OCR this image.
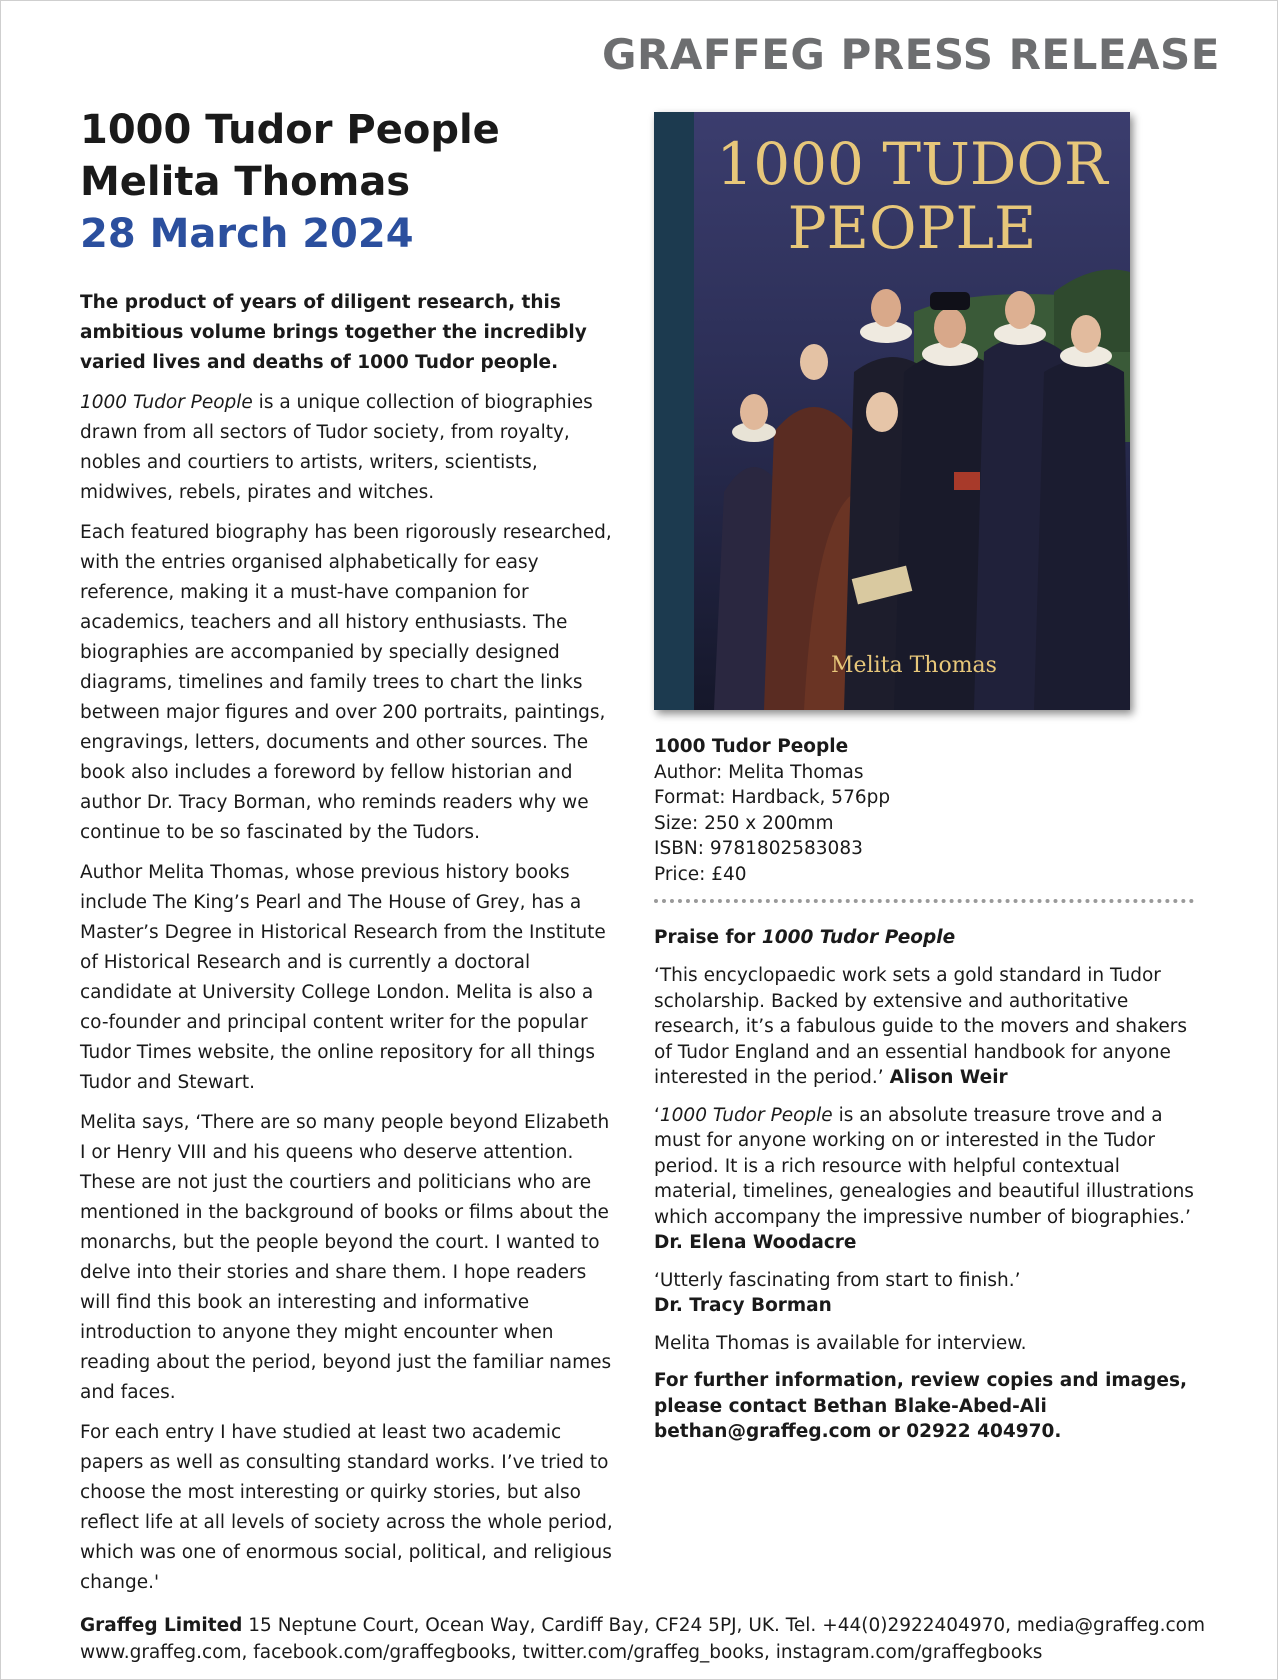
GRAFFEG PRESS RELEASE
1000 Tudor People
Melita Thomas
28 March 2024
The product of years of diligent research, this ambitious volume brings together the incredibly varied lives and deaths of 1000 Tudor people.
1000 Tudor People is a unique collection of biographies drawn from all sectors of Tudor society, from royalty, nobles and courtiers to artists, writers, scientists, midwives, rebels, pirates and witches.
Each featured biography has been rigorously researched, with the entries organised alphabetically for easy reference, making it a must-have companion for academics, teachers and all history enthusiasts. The biographies are accompanied by specially designed diagrams, timelines and family trees to chart the links between major figures and over 200 portraits, paintings, engravings, letters, documents and other sources. The book also includes a foreword by fellow historian and author Dr. Tracy Borman, who reminds readers why we continue to be so fascinated by the Tudors.
Author Melita Thomas, whose previous history books include The King’s Pearl and The House of Grey, has a Master’s Degree in Historical Research from the Institute of Historical Research and is currently a doctoral candidate at University College London. Melita is also a co-founder and principal content writer for the popular Tudor Times website, the online repository for all things Tudor and Stewart.
Melita says, ‘There are so many people beyond Elizabeth I or Henry VIII and his queens who deserve attention. These are not just the courtiers and politicians who are mentioned in the background of books or films about the monarchs, but the people beyond the court. I wanted to delve into their stories and share them. I hope readers will find this book an interesting and informative introduction to anyone they might encounter when reading about the period, beyond just the familiar names and faces.
For each entry I have studied at least two academic papers as well as consulting standard works. I’ve tried to choose the most interesting or quirky stories, but also reflect life at all levels of society across the whole period, which was one of enormous social, political, and religious change.'
1000 TUDOR
PEOPLE
Melita Thomas
1000 Tudor People
Author: Melita Thomas
Format: Hardback, 576pp
Size: 250 x 200mm
ISBN: 9781802583083
Price: £40
Praise for 1000 Tudor People
‘This encyclopaedic work sets a gold standard in Tudor scholarship. Backed by extensive and authoritative research, it’s a fabulous guide to the movers and shakers of Tudor England and an essential handbook for anyone interested in the period.’ Alison Weir
‘1000 Tudor People is an absolute treasure trove and a must for anyone working on or interested in the Tudor period. It is a rich resource with helpful contextual material, timelines, genealogies and beautiful illustrations which accompany the impressive number of biographies.’ Dr. Elena Woodacre
‘Utterly fascinating from start to finish.’
Dr. Tracy Borman
Melita Thomas is available for interview.
For further information, review copies and images, please contact Bethan Blake-Abed-Ali bethan@graffeg.com or 02922 404970.
Graffeg Limited 15 Neptune Court, Ocean Way, Cardiff Bay, CF24 5PJ, UK. Tel. +44(0)2922404970, media@graffeg.com
www.graffeg.com, facebook.com/graffegbooks, twitter.com/graffeg_books, instagram.com/graffegbooks
